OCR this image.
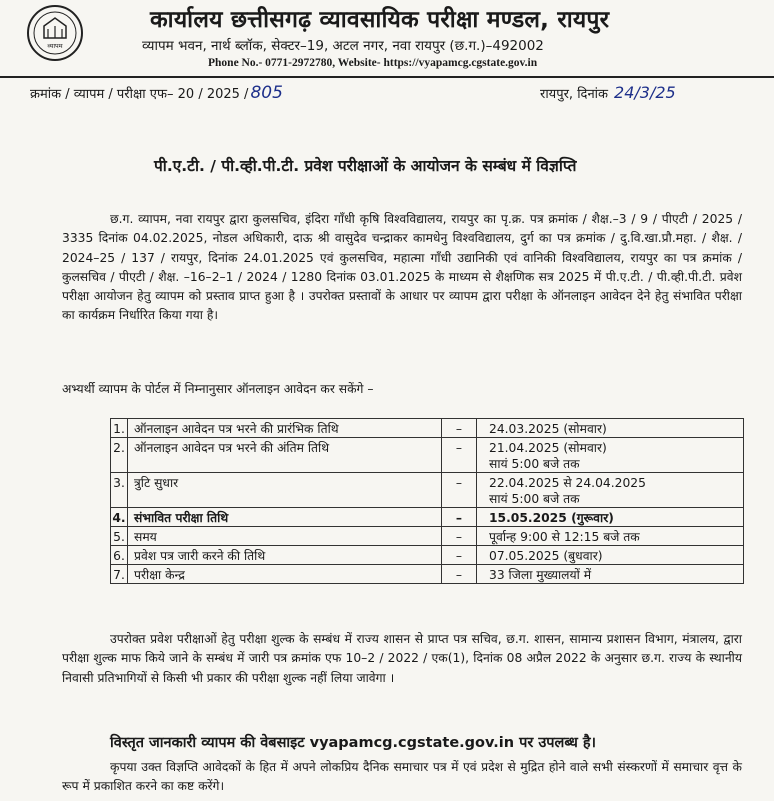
व्यापम
कार्यालय छत्तीसगढ़ व्यावसायिक परीक्षा मण्डल, रायपुर
व्यापम भवन, नार्थ ब्लॉक, सेक्टर–19, अटल नगर, नवा रायपुर (छ.ग.)–492002
Phone No.- 0771-2972780, Website- https://vyapamcg.cgstate.gov.in
क्रमांक / व्यापम / परीक्षा एफ– 20 / 2025 / 805	रायपुर, दिनांक 24/3/25
पी.ए.टी. / पी.व्ही.पी.टी. प्रवेश परीक्षाओं के आयोजन के सम्बंध में विज्ञप्ति
छ.ग. व्यापम, नवा रायपुर द्वारा कुलसचिव, इंदिरा गाँधी कृषि विश्वविद्यालय, रायपुर का पृ.क्र. पत्र क्रमांक / शैक्ष.–3 / 9 / पीएटी / 2025 / 3335 दिनांक 04.02.2025, नोडल अधिकारी, दाऊ श्री वासुदेव चन्द्राकर कामधेनु विश्वविद्यालय, दुर्ग का पत्र क्रमांक / दु.वि.खा.प्रौ.महा. / शैक्ष. / 2024–25 / 137 / रायपुर, दिनांक 24.01.2025 एवं कुलसचिव, महात्मा गाँधी उद्यानिकी एवं वानिकी विश्वविद्यालय, रायपुर का पत्र क्रमांक / कुलसचिव / पीएटी / शैक्ष. –16–2–1 / 2024 / 1280 दिनांक 03.01.2025 के माध्यम से शैक्षणिक सत्र 2025 में पी.ए.टी. / पी.व्ही.पी.टी. प्रवेश परीक्षा आयोजन हेतु व्यापम को प्रस्ताव प्राप्त हुआ है । उपरोक्त प्रस्तावों के आधार पर व्यापम द्वारा परीक्षा के ऑनलाइन आवेदन देने हेतु संभावित परीक्षा का कार्यक्रम निर्धारित किया गया है।
अभ्यर्थी व्यापम के पोर्टल में निम्नानुसार ऑनलाइन आवेदन कर सकेंगे –
1.	ऑनलाइन आवेदन पत्र भरने की प्रारंभिक तिथि	–	24.03.2025 (सोमवार)

2.	ऑनलाइन आवेदन पत्र भरने की अंतिम तिथि	–	21.04.2025 (सोमवार)
सायं 5:00 बजे तक

3.	त्रुटि सुधार	–	22.04.2025 से 24.04.2025
सायं 5:00 बजे तक

4.	संभावित परीक्षा तिथि	–	15.05.2025 (गुरूवार)

5.	समय	–	पूर्वान्ह 9:00 से 12:15 बजे तक

6.	प्रवेश पत्र जारी करने की तिथि	–	07.05.2025 (बुधवार)

7.	परीक्षा केन्द्र	–	33 जिला मुख्यालयों में
उपरोक्त प्रवेश परीक्षाओं हेतु परीक्षा शुल्क के सम्बंध में राज्य शासन से प्राप्त पत्र सचिव, छ.ग. शासन, सामान्य प्रशासन विभाग, मंत्रालय, द्वारा परीक्षा शुल्क माफ किये जाने के सम्बंध में जारी पत्र क्रमांक एफ 10–2 / 2022 / एक(1), दिनांक 08 अप्रैल 2022 के अनुसार छ.ग. राज्य के स्थानीय निवासी प्रतिभागियों से किसी भी प्रकार की परीक्षा शुल्क नहीं लिया जावेगा ।
विस्तृत जानकारी व्यापम की वेबसाइट vyapamcg.cgstate.gov.in पर उपलब्ध है।
कृपया उक्त विज्ञप्ति आवेदकों के हित में अपने लोकप्रिय दैनिक समाचार पत्र में एवं प्रदेश से मुद्रित होने वाले सभी संस्करणों में समाचार वृत्त के रूप में प्रकाशित करने का कष्ट करेंगे।
